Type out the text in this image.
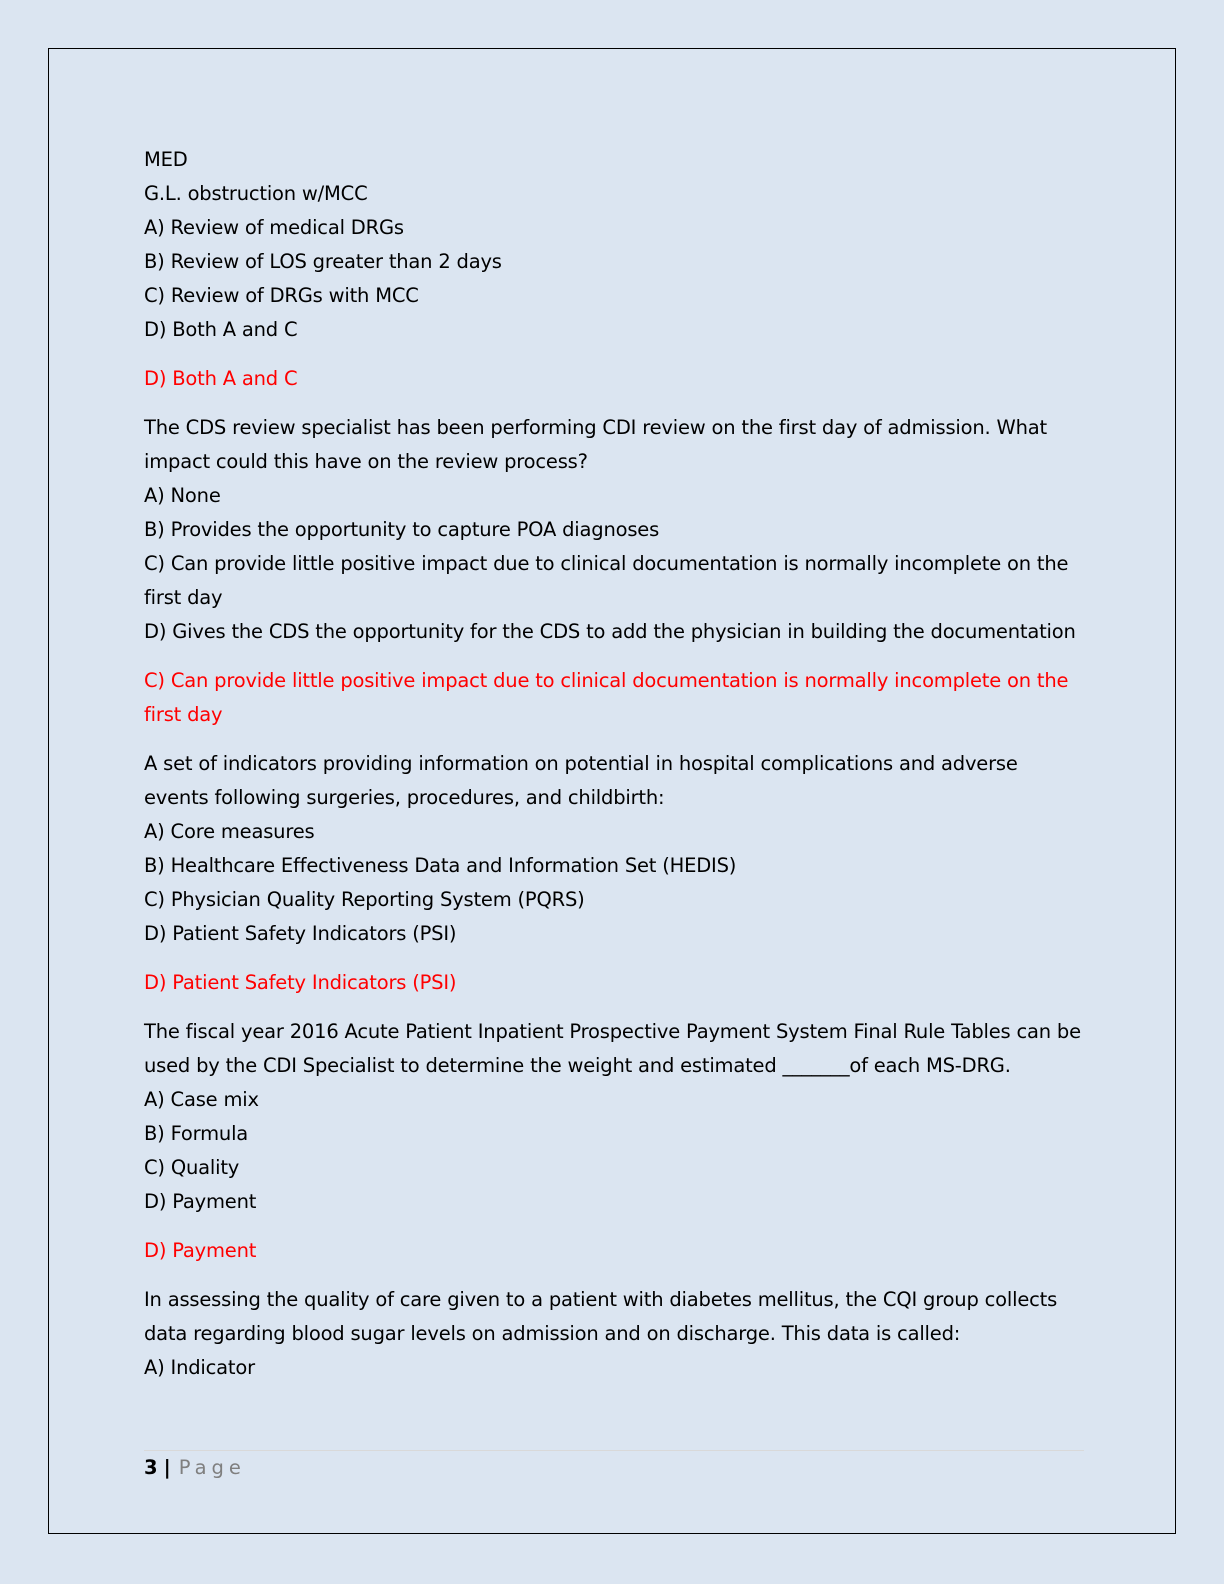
MED

G.L. obstruction w/MCC

A) Review of medical DRGs

B) Review of LOS greater than 2 days

C) Review of DRGs with MCC

D) Both A and C

D) Both A and C

The CDS review specialist has been performing CDI review on the first day of admission. What impact could this have on the review process?

A) None

B) Provides the opportunity to capture POA diagnoses

C) Can provide little positive impact due to clinical documentation is normally incomplete on the first day

D) Gives the CDS the opportunity for the CDS to add the physician in building the documentation

C) Can provide little positive impact due to clinical documentation is normally incomplete on the first day

A set of indicators providing information on potential in hospital complications and adverse events following surgeries, procedures, and childbirth:

A) Core measures

B) Healthcare Effectiveness Data and Information Set (HEDIS)

C) Physician Quality Reporting System (PQRS)

D) Patient Safety Indicators (PSI)

D) Patient Safety Indicators (PSI)

The fiscal year 2016 Acute Patient Inpatient Prospective Payment System Final Rule Tables can be used by the CDI Specialist to determine the weight and estimated _______of each MS-DRG.

A) Case mix

B) Formula

C) Quality

D) Payment

D) Payment

In assessing the quality of care given to a patient with diabetes mellitus, the CQI group collects data regarding blood sugar levels on admission and on discharge. This data is called:

A) Indicator

3 | Page
